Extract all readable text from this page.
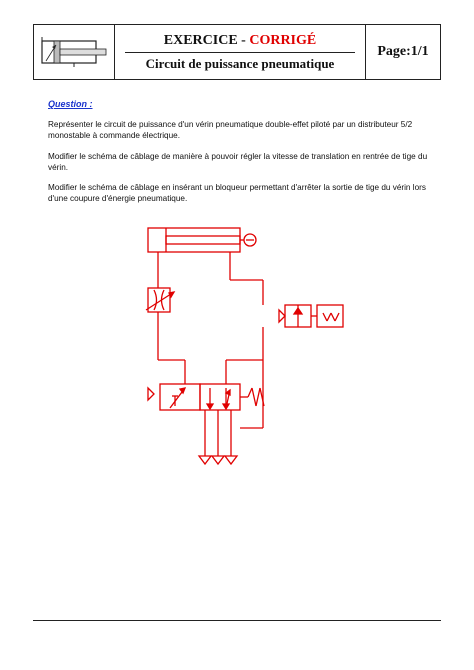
EXERCICE - CORRIGÉ
Circuit de puissance pneumatique
Page:1/1
Question :
Représenter le circuit de puissance d'un vérin pneumatique double-effet piloté par un distributeur 5/2 monostable à commande électrique.
Modifier le schéma de câblage de manière à pouvoir régler la vitesse de translation en rentrée de tige du vérin.
Modifier le schéma de câblage en insérant un bloqueur permettant d'arrêter la sortie de tige du vérin lors d'une coupure d'énergie pneumatique.
